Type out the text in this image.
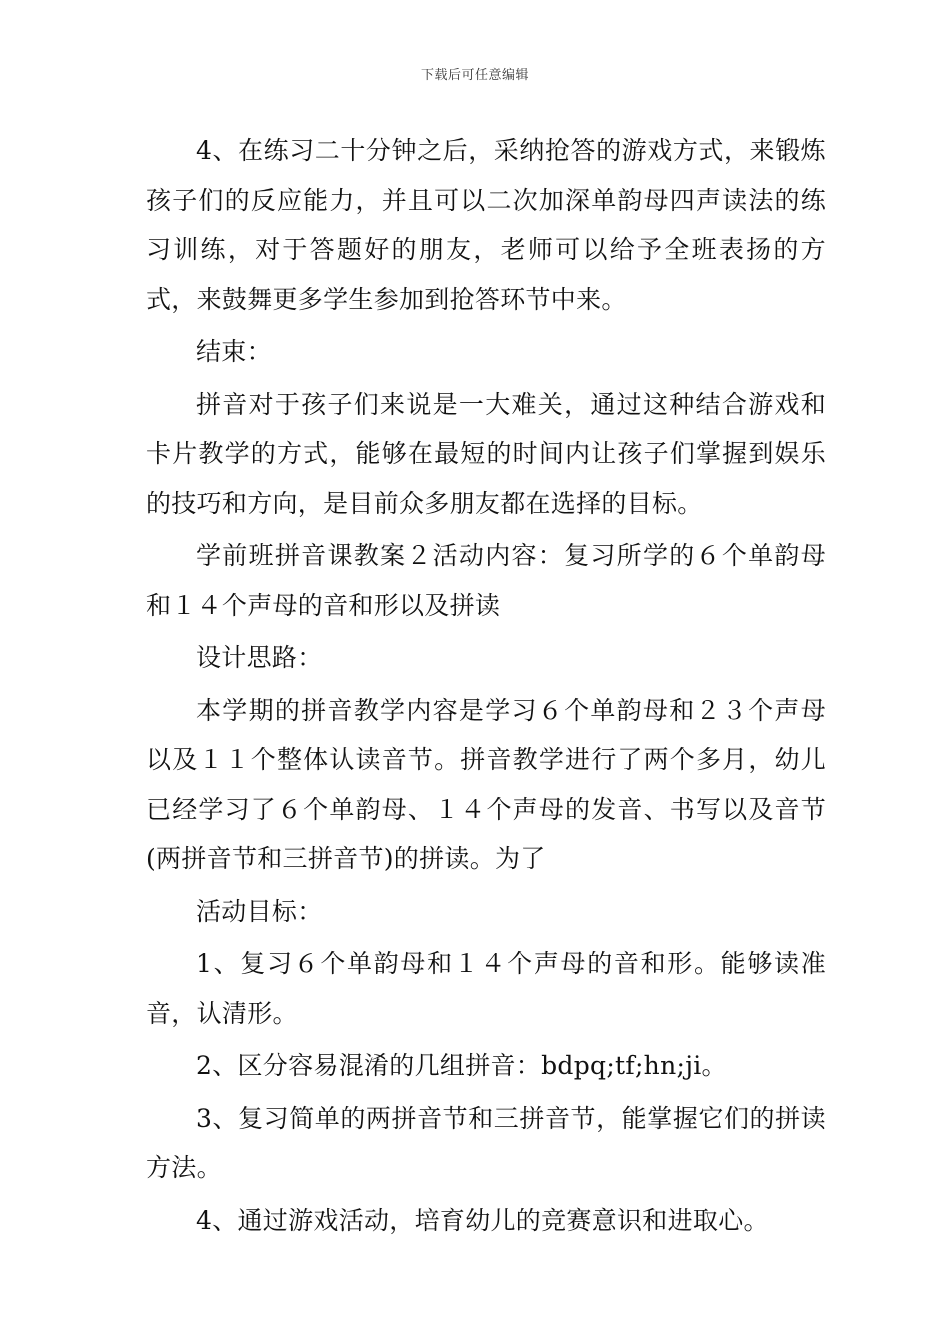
下载后可任意编辑

4、在练习二十分钟之后，采纳抢答的游戏方式，来锻炼孩子们的反应能力，并且可以二次加深单韵母四声读法的练习训练，对于答题好的朋友，老师可以给予全班表扬的方式，来鼓舞更多学生参加到抢答环节中来。

结束：

拼音对于孩子们来说是一大难关，通过这种结合游戏和卡片教学的方式，能够在最短的时间内让孩子们掌握到娱乐的技巧和方向，是目前众多朋友都在选择的目标。

学前班拼音课教案２活动内容：复习所学的６个单韵母和１４个声母的音和形以及拼读

设计思路：

本学期的拼音教学内容是学习６个单韵母和２３个声母以及１１个整体认读音节。拼音教学进行了两个多月，幼儿已经学习了６个单韵母、１４个声母的发音、书写以及音节(两拼音节和三拼音节)的拼读。为了

活动目标：

1、复习６个单韵母和１４个声母的音和形。能够读准音，认清形。

2、区分容易混淆的几组拼音：bdpq;tf;hn;ji。

3、复习简单的两拼音节和三拼音节，能掌握它们的拼读方法。

4、通过游戏活动，培育幼儿的竞赛意识和进取心。
